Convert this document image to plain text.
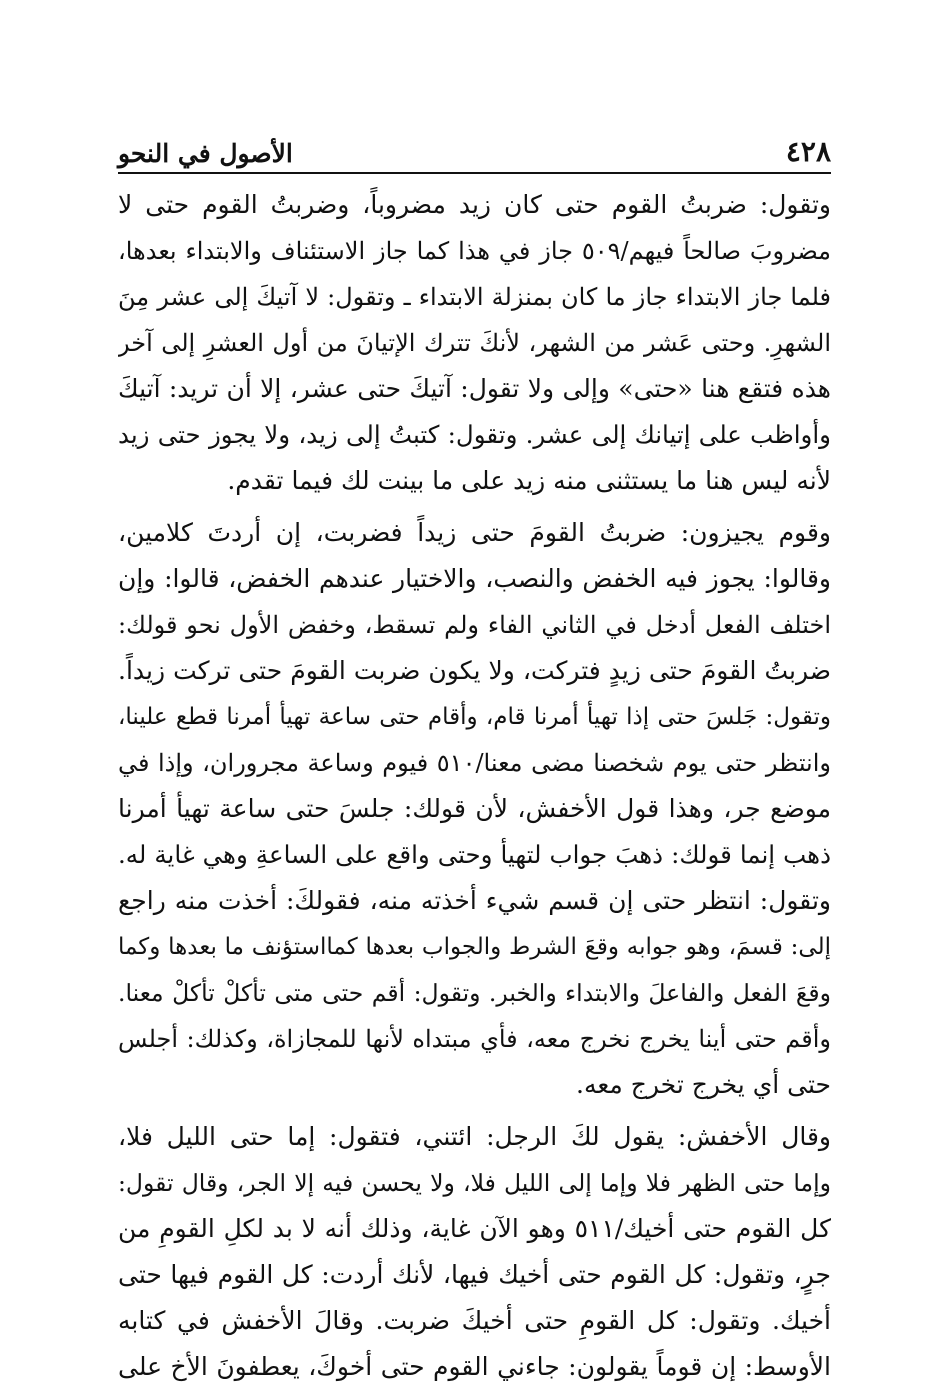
٤٢٨
الأصول في النحو
وتقول: ضربتُ القوم حتى كان زيد مضروباً، وضربتُ القوم حتى لا
مضروبَ صالحاً فيهم/٥٠٩ جاز في هذا كما جاز الاستئناف والابتداء بعدها،
فلما جاز الابتداء جاز ما كان بمنزلة الابتداء ـ وتقول: لا آتيكَ إلى عشر مِنَ
الشهرِ. وحتى عَشر من الشهر، لأنكَ تترك الإتيانَ من أول العشرِ إلى آخر
هذه فتقع هنا «حتى» وإلى ولا تقول: آتيكَ حتى عشر، إلا أن تريد: آتيكَ
وأواظب على إتيانك إلى عشر. وتقول: كتبتُ إلى زيد، ولا يجوز حتى زيد
لأنه ليس هنا ما يستثنى منه زيد على ما بينت لك فيما تقدم.
وقوم يجيزون: ضربتُ القومَ حتى زيداً فضربت، إن أردتَ كلامين،
وقالوا: يجوز فيه الخفض والنصب، والاختيار عندهم الخفض، قالوا: وإن
اختلف الفعل أدخل في الثاني الفاء ولم تسقط، وخفض الأول نحو قولك:
ضربتُ القومَ حتى زيدٍ فتركت، ولا يكون ضربت القومَ حتى تركت زيداً.
وتقول: جَلسَ حتى إذا تهيأ أمرنا قام، وأقام حتى ساعة تهيأ أمرنا قطع علينا،
وانتظر حتى يوم شخصنا مضى معنا/٥١٠ فيوم وساعة مجروران، وإذا في
موضع جر، وهذا قول الأخفش، لأن قولك: جلسَ حتى ساعة تهيأ أمرنا
ذهب إنما قولك: ذهبَ جواب لتهيأ وحتى واقع على الساعةِ وهي غاية له.
وتقول: انتظر حتى إن قسم شيء أخذته منه، فقولكَ: أخذت منه راجع
إلى: قسمَ، وهو جوابه وقعَ الشرط والجواب بعدها كمااستؤنف ما بعدها وكما
وقعَ الفعل والفاعلَ والابتداء والخبر. وتقول: أقم حتى متى تأكلْ تأكلْ معنا.
وأقم حتى أينا يخرج نخرج معه، فأي مبتداه لأنها للمجازاة، وكذلك: أجلس
حتى أي يخرج تخرج معه.
وقال الأخفش: يقول لكَ الرجل: ائتني، فتقول: إما حتى الليل فلا،
وإما حتى الظهر فلا وإما إلى الليل فلا، ولا يحسن فيه إلا الجر، وقال تقول:
كل القوم حتى أخيك/٥١١ وهو الآن غاية، وذلك أنه لا بد لكلِ القومِ من
جرٍ، وتقول: كل القوم حتى أخيك فيها، لأنك أردت: كل القوم فيها حتى
أخيك. وتقول: كل القومِ حتى أخيكَ ضربت. وقالَ الأخفش في كتابه
الأوسط: إن قوماً يقولون: جاءني القوم حتى أخوكَ، يعطفونَ الأخ على
